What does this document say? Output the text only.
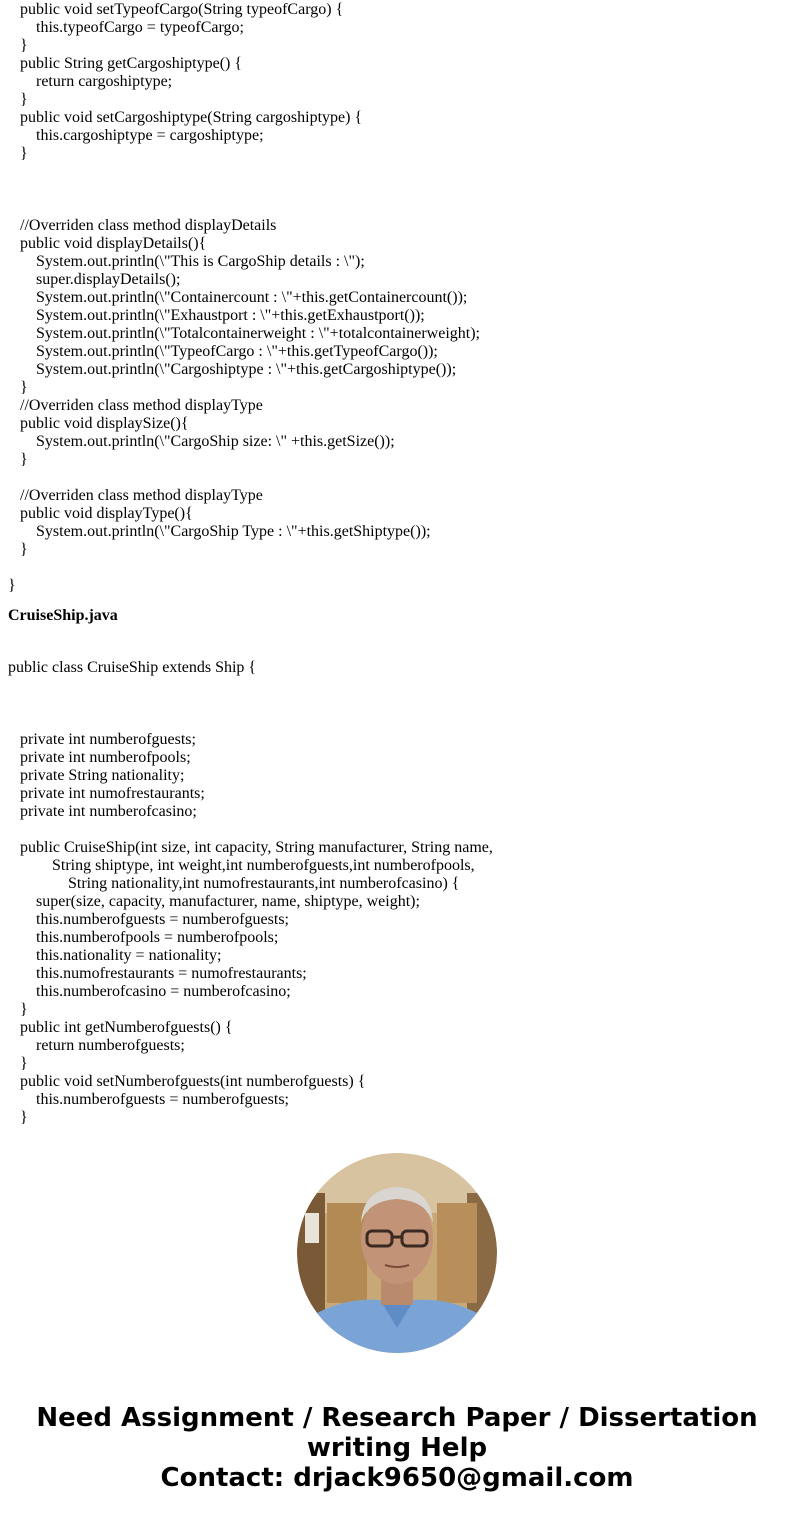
public void setTypeofCargo(String typeofCargo) {
this.typeofCargo = typeofCargo;
}
public String getCargoshiptype() {
return cargoshiptype;
}
public void setCargoshiptype(String cargoshiptype) {
this.cargoshiptype = cargoshiptype;
}
//Overriden class method displayDetails
public void displayDetails(){
System.out.println(\"This is CargoShip details : \");
super.displayDetails();
System.out.println(\"Containercount : \"+this.getContainercount());
System.out.println(\"Exhaustport : \"+this.getExhaustport());
System.out.println(\"Totalcontainerweight : \"+totalcontainerweight);
System.out.println(\"TypeofCargo : \"+this.getTypeofCargo());
System.out.println(\"Cargoshiptype : \"+this.getCargoshiptype());
}
//Overriden class method displayType
public void displaySize(){
System.out.println(\"CargoShip size: \" +this.getSize());
}
//Overriden class method displayType
public void displayType(){
System.out.println(\"CargoShip Type : \"+this.getShiptype());
}
}
CruiseShip.java
public class CruiseShip extends Ship {
private int numberofguests;
private int numberofpools;
private String nationality;
private int numofrestaurants;
private int numberofcasino;
public CruiseShip(int size, int capacity, String manufacturer, String name,
String shiptype, int weight,int numberofguests,int numberofpools,
String nationality,int numofrestaurants,int numberofcasino) {
super(size, capacity, manufacturer, name, shiptype, weight);
this.numberofguests = numberofguests;
this.numberofpools = numberofpools;
this.nationality = nationality;
this.numofrestaurants = numofrestaurants;
this.numberofcasino = numberofcasino;
}
public int getNumberofguests() {
return numberofguests;
}
public void setNumberofguests(int numberofguests) {
this.numberofguests = numberofguests;
}
Need Assignment / Research Paper / Dissertation
writing Help
Contact: drjack9650@gmail.com
